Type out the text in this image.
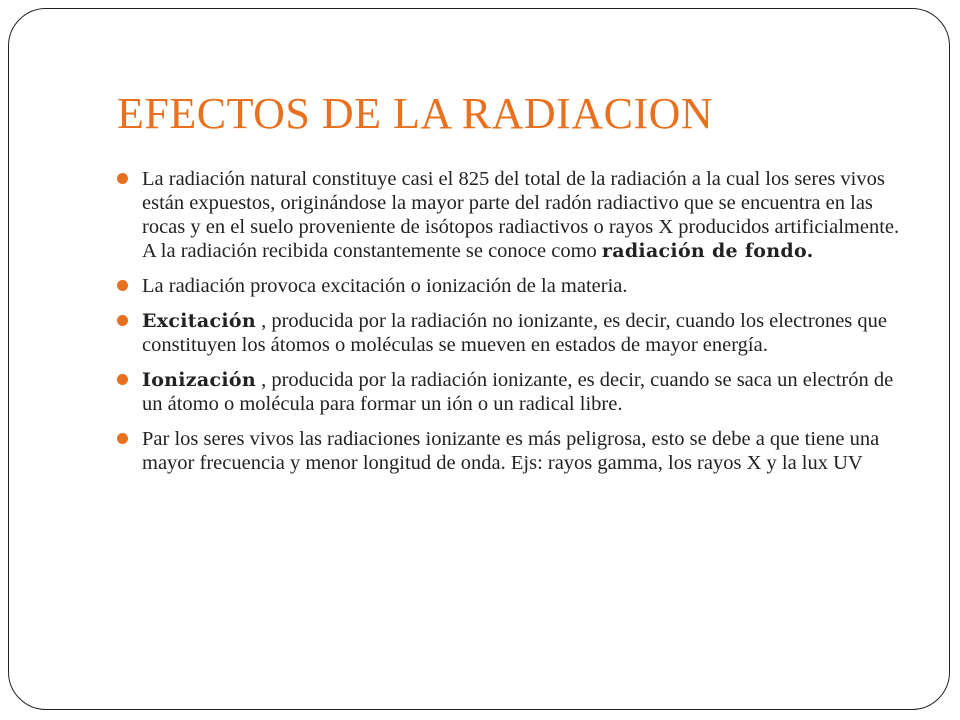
EFECTOS DE LA RADIACION
La radiación natural constituye casi el 825 del total de la radiación a la cual los seres vivos están expuestos, originándose la mayor parte del radón radiactivo que se encuentra en las rocas y en el suelo proveniente de isótopos radiactivos o rayos X producidos artificialmente. A la radiación recibida constantemente se conoce como radiación de fondo.
La radiación provoca excitación o ionización de la materia.
Excitación , producida por la radiación no ionizante, es decir, cuando los electrones que constituyen los átomos o moléculas se mueven en estados de mayor energía.
Ionización , producida por la radiación ionizante, es decir, cuando se saca un electrón de un átomo o molécula para formar un ión o un radical libre.
Par los seres vivos las radiaciones ionizante es más peligrosa, esto se debe a que tiene una mayor frecuencia y menor longitud de onda. Ejs: rayos gamma, los rayos X y la lux UV
